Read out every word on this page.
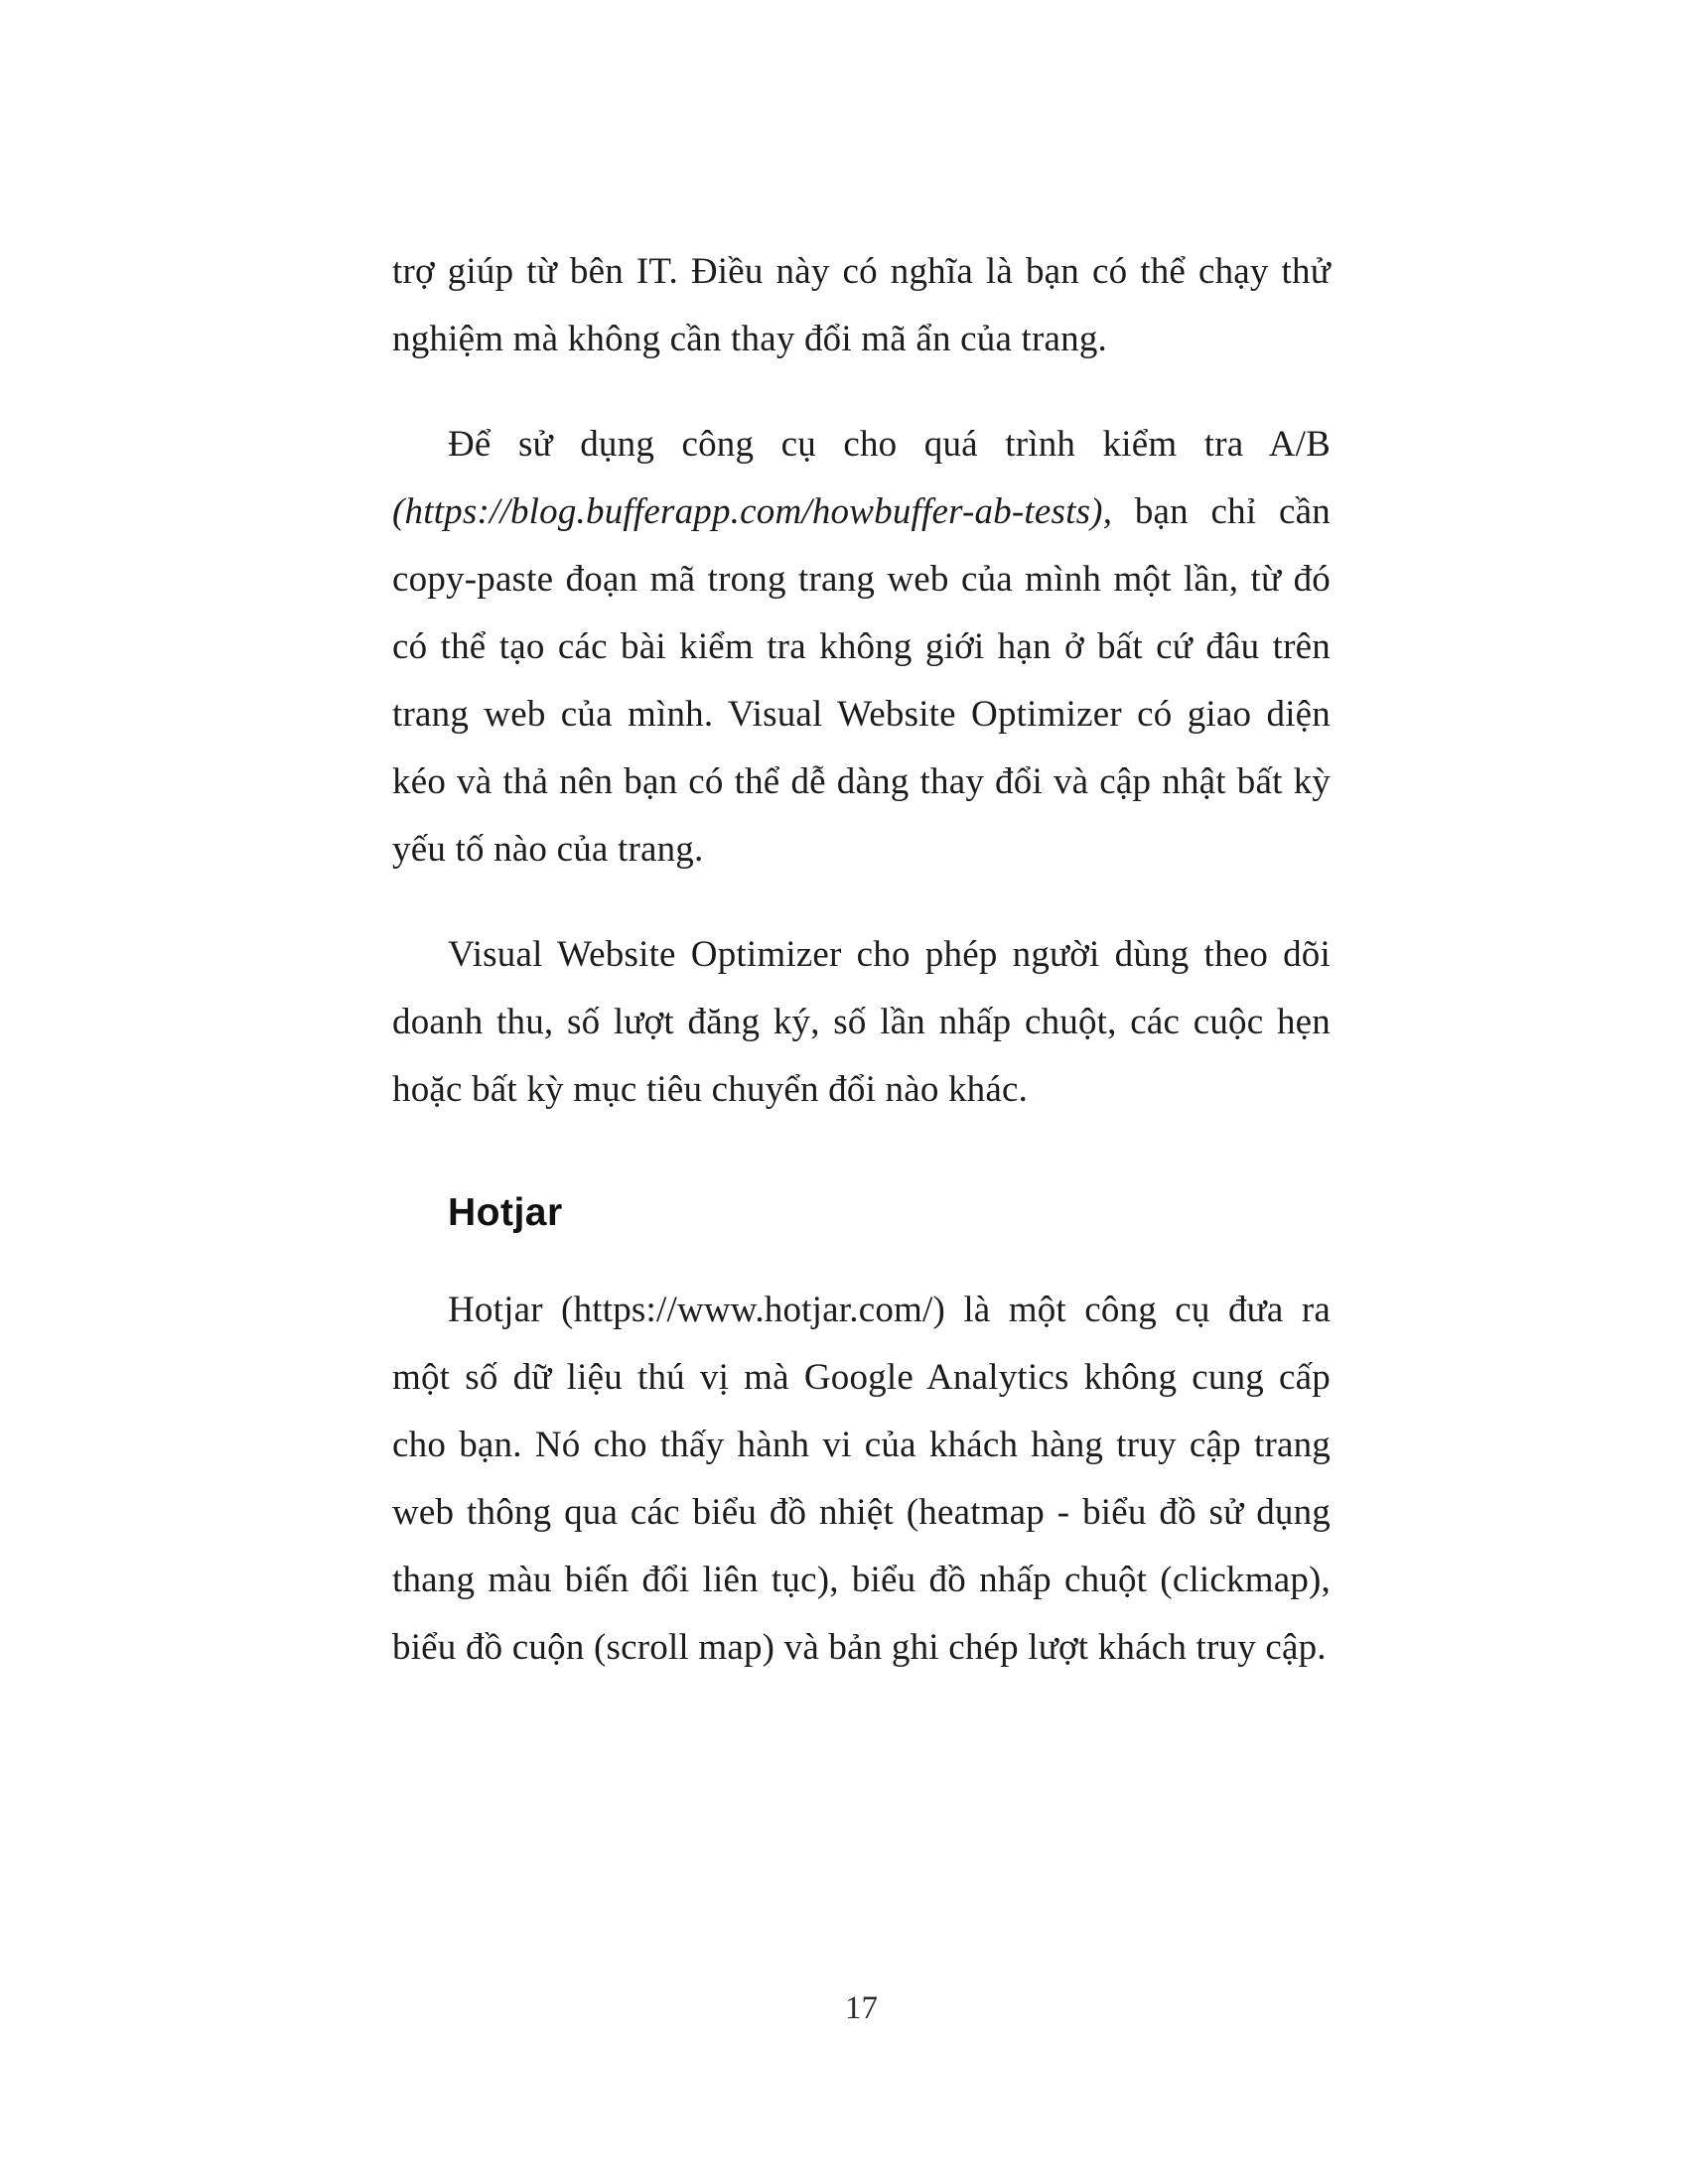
trợ giúp từ bên IT. Điều này có nghĩa là bạn có thể chạy thử nghiệm mà không cần thay đổi mã ẩn của trang.

Để sử dụng công cụ cho quá trình kiểm tra A/B (https://blog.bufferapp.com/howbuffer-ab-tests), bạn chỉ cần copy-paste đoạn mã trong trang web của mình một lần, từ đó có thể tạo các bài kiểm tra không giới hạn ở bất cứ đâu trên trang web của mình. Visual Website Optimizer có giao diện kéo và thả nên bạn có thể dễ dàng thay đổi và cập nhật bất kỳ yếu tố nào của trang.

Visual Website Optimizer cho phép người dùng theo dõi doanh thu, số lượt đăng ký, số lần nhấp chuột, các cuộc hẹn hoặc bất kỳ mục tiêu chuyển đổi nào khác.

Hotjar

Hotjar (https://www.hotjar.com/) là một công cụ đưa ra một số dữ liệu thú vị mà Google Analytics không cung cấp cho bạn. Nó cho thấy hành vi của khách hàng truy cập trang web thông qua các biểu đồ nhiệt (heatmap - biểu đồ sử dụng thang màu biến đổi liên tục), biểu đồ nhấp chuột (clickmap), biểu đồ cuộn (scroll map) và bản ghi chép lượt khách truy cập.

17
